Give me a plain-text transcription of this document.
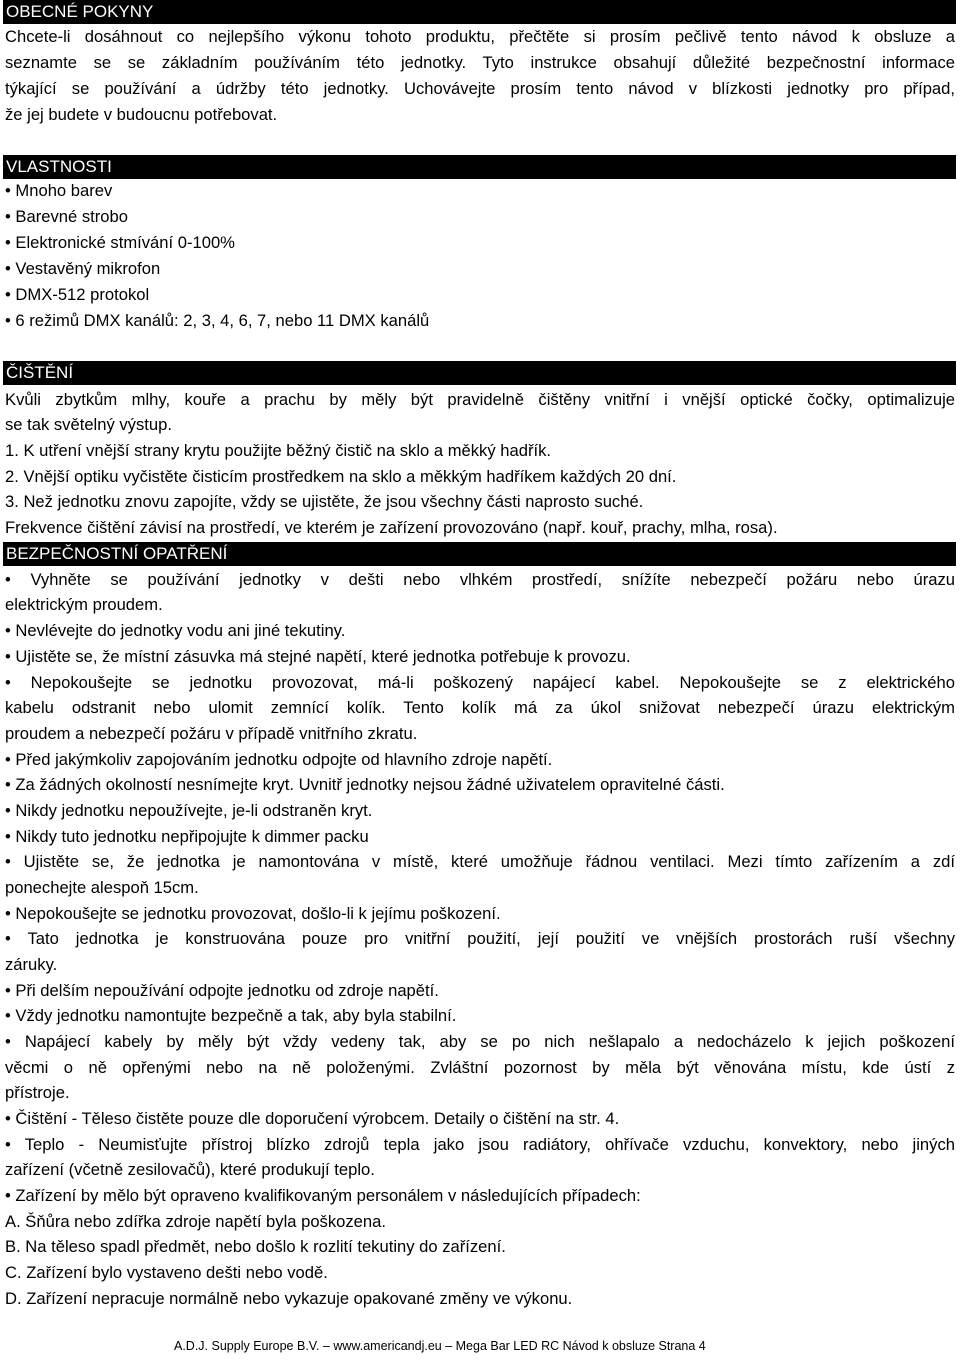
OBECNÉ POKYNY
Chcete-li dosáhnout co nejlepšího výkonu tohoto produktu, přečtěte si prosím pečlivě tento návod k obsluze a
seznamte se se základním používáním této jednotky. Tyto instrukce obsahují důležité bezpečnostní informace
týkající se používání a údržby této jednotky. Uchovávejte prosím tento návod v blízkosti jednotky pro případ,
že jej budete v budoucnu potřebovat.
VLASTNOSTI
• Mnoho barev
• Barevné strobo
• Elektronické stmívání 0-100%
• Vestavěný mikrofon
• DMX-512 protokol
• 6 režimů DMX kanálů: 2, 3, 4, 6, 7, nebo 11 DMX kanálů
ČIŠTĚNÍ
Kvůli zbytkům mlhy, kouře a prachu by měly být pravidelně čištěny vnitřní i vnější optické čočky, optimalizuje
se tak světelný výstup.
1. K utření vnější strany krytu použijte běžný čistič na sklo a měkký hadřík.
2. Vnější optiku vyčistěte čisticím prostředkem na sklo a měkkým hadříkem každých 20 dní.
3. Než jednotku znovu zapojíte, vždy se ujistěte, že jsou všechny části naprosto suché.
Frekvence čištění závisí na prostředí, ve kterém je zařízení provozováno (např. kouř, prachy, mlha, rosa).
BEZPEČNOSTNÍ OPATŘENÍ
• Vyhněte se používání jednotky v dešti nebo vlhkém prostředí, snížíte nebezpečí požáru nebo úrazu
elektrickým proudem.
• Nevlévejte do jednotky vodu ani jiné tekutiny.
• Ujistěte se, že místní zásuvka má stejné napětí, které jednotka potřebuje k provozu.
• Nepokoušejte se jednotku provozovat, má-li poškozený napájecí kabel. Nepokoušejte se z elektrického
kabelu odstranit nebo ulomit zemnící kolík. Tento kolík má za úkol snižovat nebezpečí úrazu elektrickým
proudem a nebezpečí požáru v případě vnitřního zkratu.
• Před jakýmkoliv zapojováním jednotku odpojte od hlavního zdroje napětí.
• Za žádných okolností nesnímejte kryt. Uvnitř jednotky nejsou žádné uživatelem opravitelné části.
• Nikdy jednotku nepoužívejte, je-li odstraněn kryt.
• Nikdy tuto jednotku nepřipojujte k dimmer packu
• Ujistěte se, že jednotka je namontována v místě, které umožňuje řádnou ventilaci. Mezi tímto zařízením a zdí
ponechejte alespoň 15cm.
• Nepokoušejte se jednotku provozovat, došlo-li k jejímu poškození.
• Tato jednotka je konstruována pouze pro vnitřní použití, její použití ve vnějších prostorách ruší všechny
záruky.
• Při delším nepoužívání odpojte jednotku od zdroje napětí.
• Vždy jednotku namontujte bezpečně a tak, aby byla stabilní.
• Napájecí kabely by měly být vždy vedeny tak, aby se po nich nešlapalo a nedocházelo k jejich poškození
věcmi o ně opřenými nebo na ně položenými. Zvláštní pozornost by měla být věnována místu, kde ústí z
přístroje.
• Čištění - Těleso čistěte pouze dle doporučení výrobcem. Detaily o čištění na str. 4.
• Teplo - Neumisťujte přístroj blízko zdrojů tepla jako jsou radiátory, ohřívače vzduchu, konvektory, nebo jiných
zařízení (včetně zesilovačů), které produkují teplo.
• Zařízení by mělo být opraveno kvalifikovaným personálem v následujících případech:
A. Šňůra nebo zdířka zdroje napětí byla poškozena.
B. Na těleso spadl předmět, nebo došlo k rozlití tekutiny do zařízení.
C. Zařízení bylo vystaveno dešti nebo vodě.
D. Zařízení nepracuje normálně nebo vykazuje opakované změny ve výkonu.
A.D.J. Supply Europe B.V. – www.americandj.eu – Mega Bar LED RC Návod k obsluze Strana 4
